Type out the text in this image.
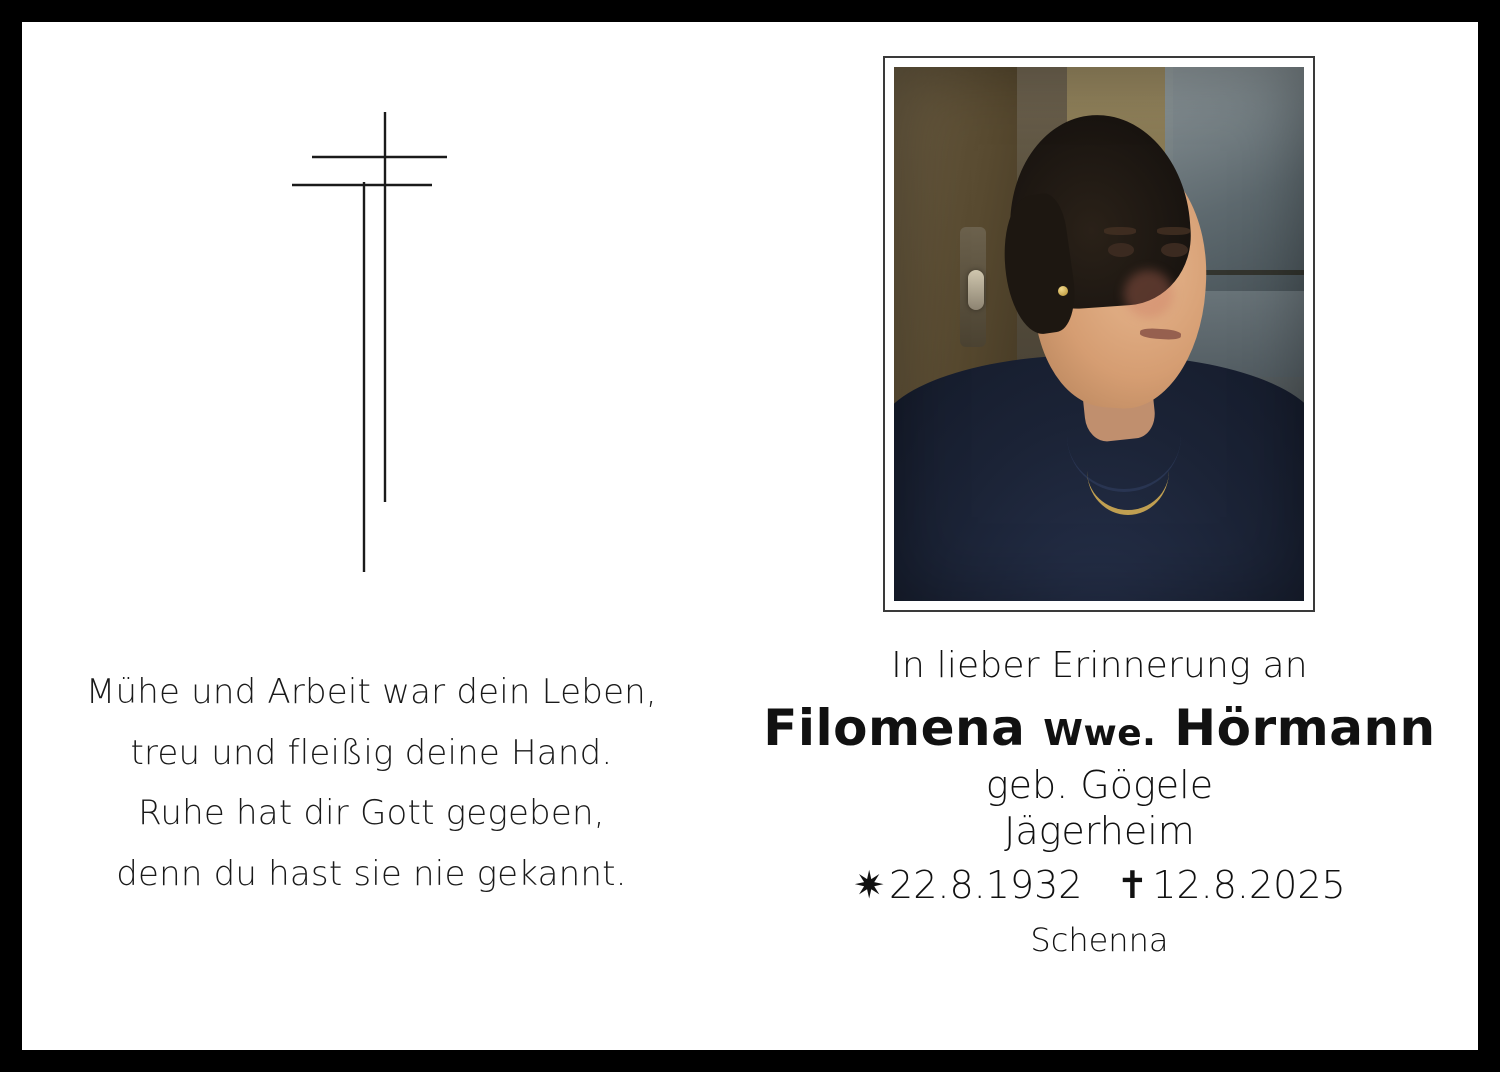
Mühe und Arbeit war dein Leben,
treu und fleißig deine Hand.
Ruhe hat dir Gott gegeben,
denn du hast sie nie gekannt.
In lieber Erinnerung an
Filomena Wwe. Hörmann
geb. Gögele
Jägerheim
✷ 22.8.1932 ✝ 12.8.2025
Schenna
